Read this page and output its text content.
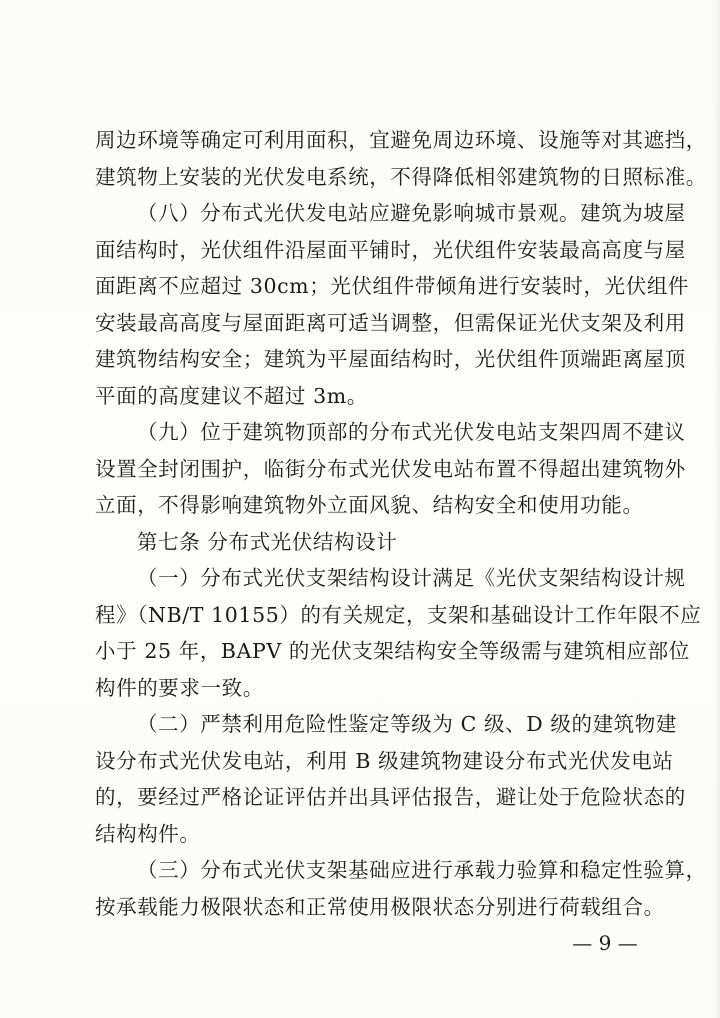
周边环境等确定可利用面积，宜避免周边环境、设施等对其遮挡，
建筑物上安装的光伏发电系统，不得降低相邻建筑物的日照标准。
（八）分布式光伏发电站应避免影响城市景观。建筑为坡屋
面结构时，光伏组件沿屋面平铺时，光伏组件安装最高高度与屋
面距离不应超过 30cm；光伏组件带倾角进行安装时，光伏组件
安装最高高度与屋面距离可适当调整，但需保证光伏支架及利用
建筑物结构安全；建筑为平屋面结构时，光伏组件顶端距离屋顶
平面的高度建议不超过 3m。
（九）位于建筑物顶部的分布式光伏发电站支架四周不建议
设置全封闭围护，临街分布式光伏发电站布置不得超出建筑物外
立面，不得影响建筑物外立面风貌、结构安全和使用功能。
第七条 分布式光伏结构设计
（一）分布式光伏支架结构设计满足《光伏支架结构设计规
程》（NB/T 10155）的有关规定，支架和基础设计工作年限不应
小于 25 年，BAPV 的光伏支架结构安全等级需与建筑相应部位
构件的要求一致。
（二）严禁利用危险性鉴定等级为 C 级、D 级的建筑物建
设分布式光伏发电站，利用 B 级建筑物建设分布式光伏发电站
的，要经过严格论证评估并出具评估报告，避让处于危险状态的
结构构件。
（三）分布式光伏支架基础应进行承载力验算和稳定性验算，
按承载能力极限状态和正常使用极限状态分别进行荷载组合。
— 9 —
